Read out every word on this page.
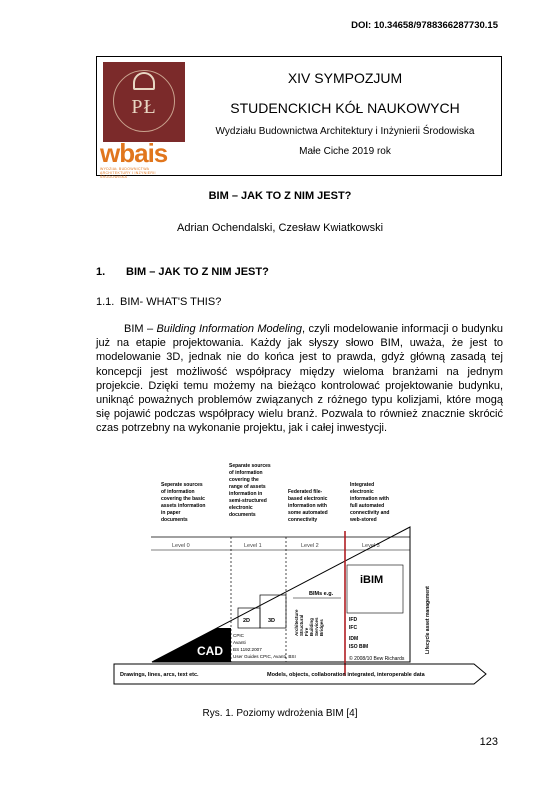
DOI: 10.34658/9788366287730.15
PŁ
wbais
WYDZIAŁ BUDOWNICTWA ARCHITEKTURY I INŻYNIERII ŚRODOWISKA
XIV SYMPOZJUM
STUDENCKICH KÓŁ NAUKOWYCH
Wydziału Budownictwa Architektury i Inżynierii Środowiska
Małe Ciche 2019 rok
BIM – JAK TO Z NIM JEST?
Adrian Ochendalski, Czesław Kwiatkowski
1. BIM – JAK TO Z NIM JEST?
1.1. BIM- WHAT'S THIS?
BIM – Building Information Modeling, czyli modelowanie informacji o budynku już na etapie projektowania. Każdy jak słyszy słowo BIM, uważa, że jest to modelowanie 3D, jednak nie do końca jest to prawda, gdyż główną zasadą tej koncepcji jest możliwość współpracy między wieloma branżami na jednym projekcie. Dzięki temu możemy na bieżąco kontrolować projektowanie budynku, uniknąć poważnych problemów związanych z różnego typu kolizjami, które mogą się pojawić podczas współpracy wielu branż. Pozwala to również znacznie skrócić czas potrzebny na wykonanie projektu, jak i całej inwestycji.
Seperate sources of information covering the basic assets information in paper documents
Separate sources of information covering the range of assets information in semi-structured electronic documents
Federated file- based electronic information with some automated connectivity
Integrated electronic information with full automated connectivity and web-stored
Level 0	Level 1	Level 2	Level 3
CAD
2D	3D
BIMs e.g.
Architecture Structural Fire Building Services Bridges
iBIM
IFD
IFC
IDM
ISO BIM
© 2008/10 Bew Richards
CPIC
Avanti
BS 1192:2007
User Guides CPIC, Avanti, BSI
Lifecycle asset management
Drawings, lines, arcs, text etc.	Models, objects, collaboration integrated, interoperable data
Rys. 1. Poziomy wdrożenia BIM [4]
123
